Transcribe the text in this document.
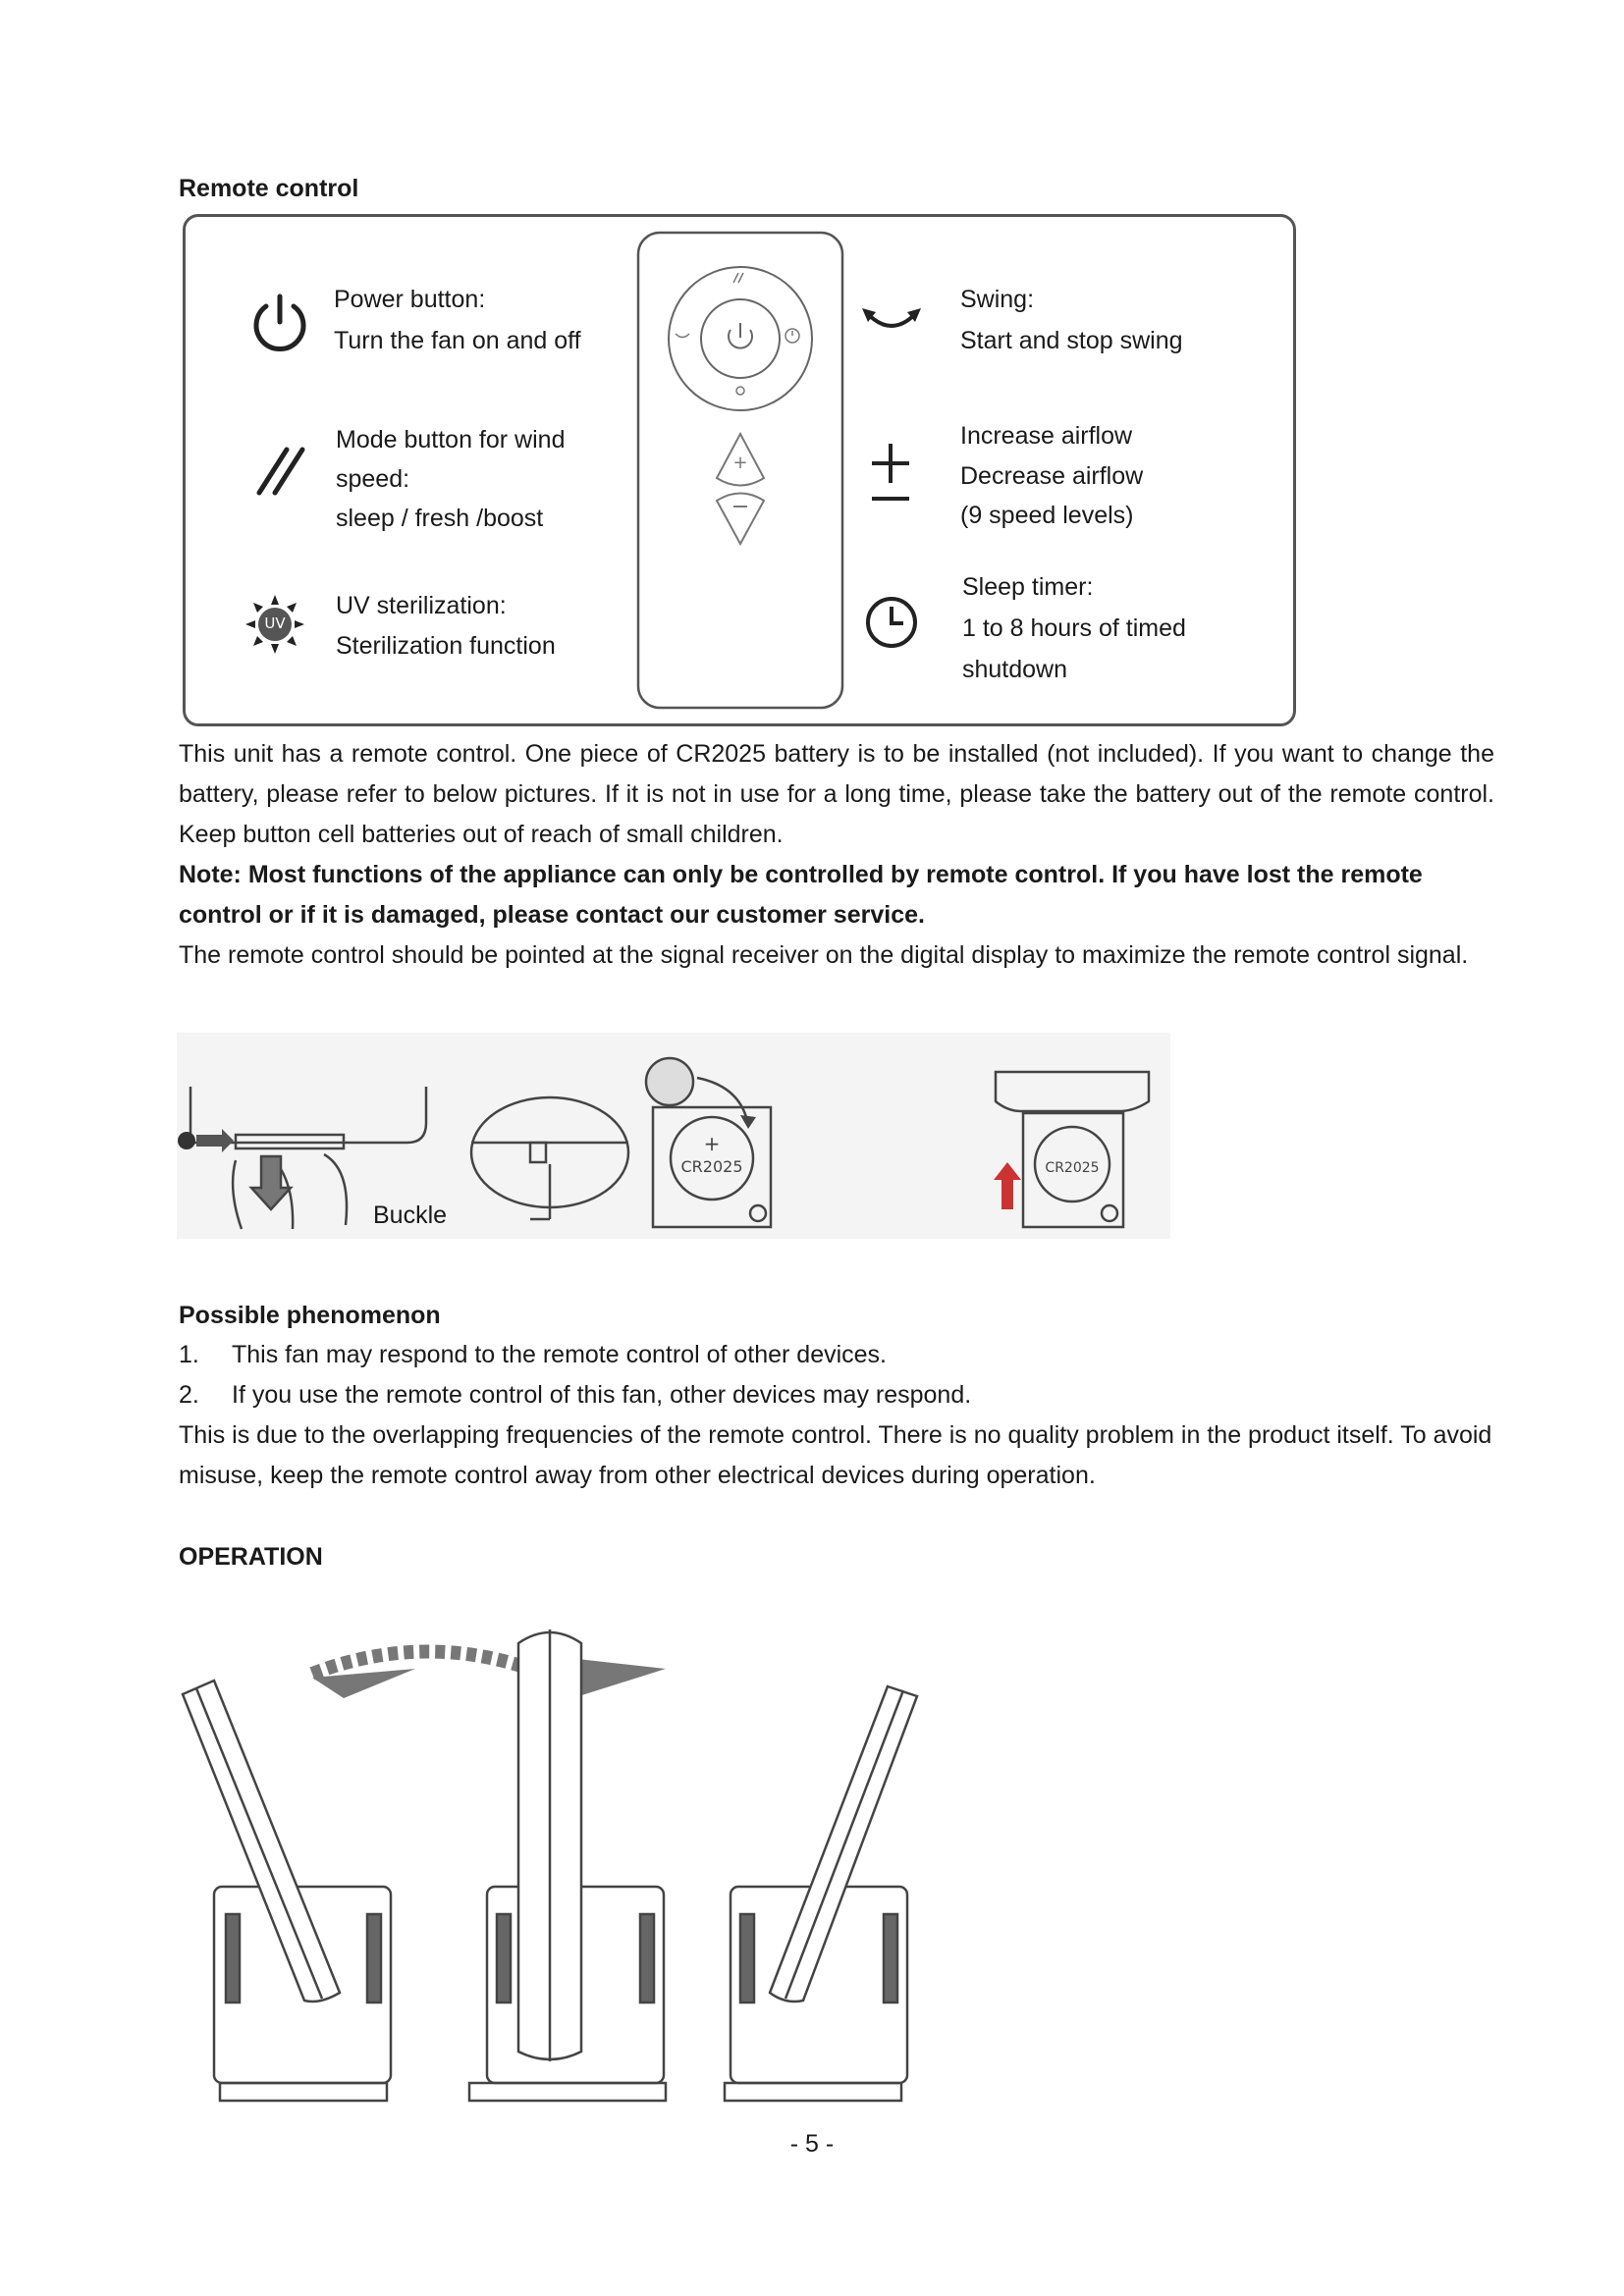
Remote control
+
Power button:
Turn the fan on and off
Mode button for wind
speed:
sleep / fresh /boost
UV
UV sterilization:
Sterilization function
Swing:
Start and stop swing
Increase airflow
Decrease airflow
(9 speed levels)
Sleep timer:
1 to 8 hours of timed
shutdown
This unit has a remote control. One piece of CR2025 battery is to be installed (not included). If you want to change the battery, please refer to below pictures. If it is not in use for a long time, please take the battery out of the remote control. Keep button cell batteries out of reach of small children.
Note: Most functions of the appliance can only be controlled by remote control. If you have lost the remote control or if it is damaged, please contact our customer service.
The remote control should be pointed at the signal receiver on the digital display to maximize the remote control signal.
Buckle
+
CR2025	CR2025
Possible phenomenon
1. This fan may respond to the remote control of other devices.
2. If you use the remote control of this fan, other devices may respond.
This is due to the overlapping frequencies of the remote control. There is no quality problem in the product itself. To avoid misuse, keep the remote control away from other electrical devices during operation.
OPERATION
- 5 -
